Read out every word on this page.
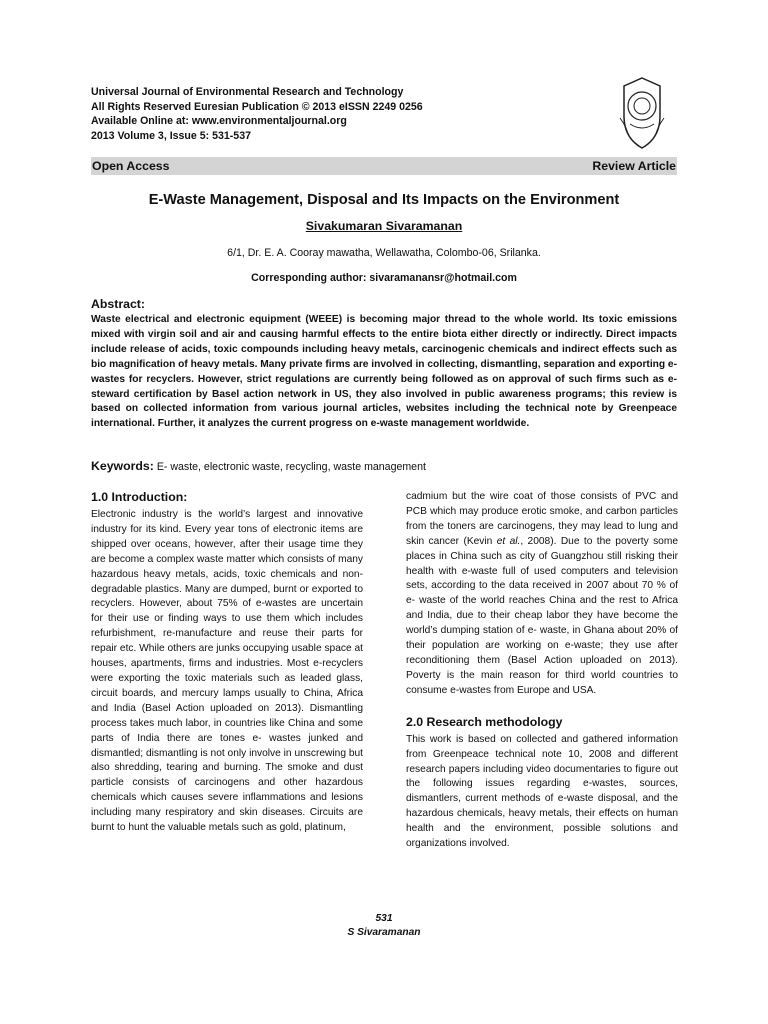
Universal Journal of Environmental Research and Technology
All Rights Reserved Euresian Publication © 2013 eISSN 2249 0256
Available Online at: www.environmentaljournal.org
2013 Volume 3, Issue 5: 531-537
Open Access	Review Article
E-Waste Management, Disposal and Its Impacts on the Environment
Sivakumaran Sivaramanan
6/1, Dr. E. A. Cooray mawatha, Wellawatha, Colombo-06, Srilanka.
Corresponding author: sivaramanansr@hotmail.com
Abstract:
Waste electrical and electronic equipment (WEEE) is becoming major thread to the whole world. Its toxic emissions mixed with virgin soil and air and causing harmful effects to the entire biota either directly or indirectly. Direct impacts include release of acids, toxic compounds including heavy metals, carcinogenic chemicals and indirect effects such as bio magnification of heavy metals. Many private firms are involved in collecting, dismantling, separation and exporting e-wastes for recyclers. However, strict regulations are currently being followed as on approval of such firms such as e-steward certification by Basel action network in US, they also involved in public awareness programs; this review is based on collected information from various journal articles, websites including the technical note by Greenpeace international. Further, it analyzes the current progress on e-waste management worldwide.
Keywords: E- waste, electronic waste, recycling, waste management
1.0 Introduction:

Electronic industry is the world’s largest and innovative industry for its kind. Every year tons of electronic items are shipped over oceans, however, after their usage time they are become a complex waste matter which consists of many hazardous heavy metals, acids, toxic chemicals and non-degradable plastics. Many are dumped, burnt or exported to recyclers. However, about 75% of e-wastes are uncertain for their use or finding ways to use them which includes refurbishment, re-manufacture and reuse their parts for repair etc. While others are junks occupying usable space at houses, apartments, firms and industries. Most e-recyclers were exporting the toxic materials such as leaded glass, circuit boards, and mercury lamps usually to China, Africa and India (Basel Action uploaded on 2013). Dismantling process takes much labor, in countries like China and some parts of India there are tones e- wastes junked and dismantled; dismantling is not only involve in unscrewing but also shredding, tearing and burning. The smoke and dust particle consists of carcinogens and other hazardous chemicals which causes severe inflammations and lesions including many respiratory and skin diseases. Circuits are burnt to hunt the valuable metals such as gold, platinum,

cadmium but the wire coat of those consists of PVC and PCB which may produce erotic smoke, and carbon particles from the toners are carcinogens, they may lead to lung and skin cancer (Kevin et al., 2008). Due to the poverty some places in China such as city of Guangzhou still risking their health with e-waste full of used computers and television sets, according to the data received in 2007 about 70 % of e- waste of the world reaches China and the rest to Africa and India, due to their cheap labor they have become the world’s dumping station of e- waste, in Ghana about 20% of their population are working on e-waste; they use after reconditioning them (Basel Action uploaded on 2013). Poverty is the main reason for third world countries to consume e-wastes from Europe and USA.

2.0 Research methodology

This work is based on collected and gathered information from Greenpeace technical note 10, 2008 and different research papers including video documentaries to figure out the following issues regarding e-wastes, sources, dismantlers, current methods of e-waste disposal, and the hazardous chemicals, heavy metals, their effects on human health and the environment, possible solutions and organizations involved.

531
S Sivaramanan
